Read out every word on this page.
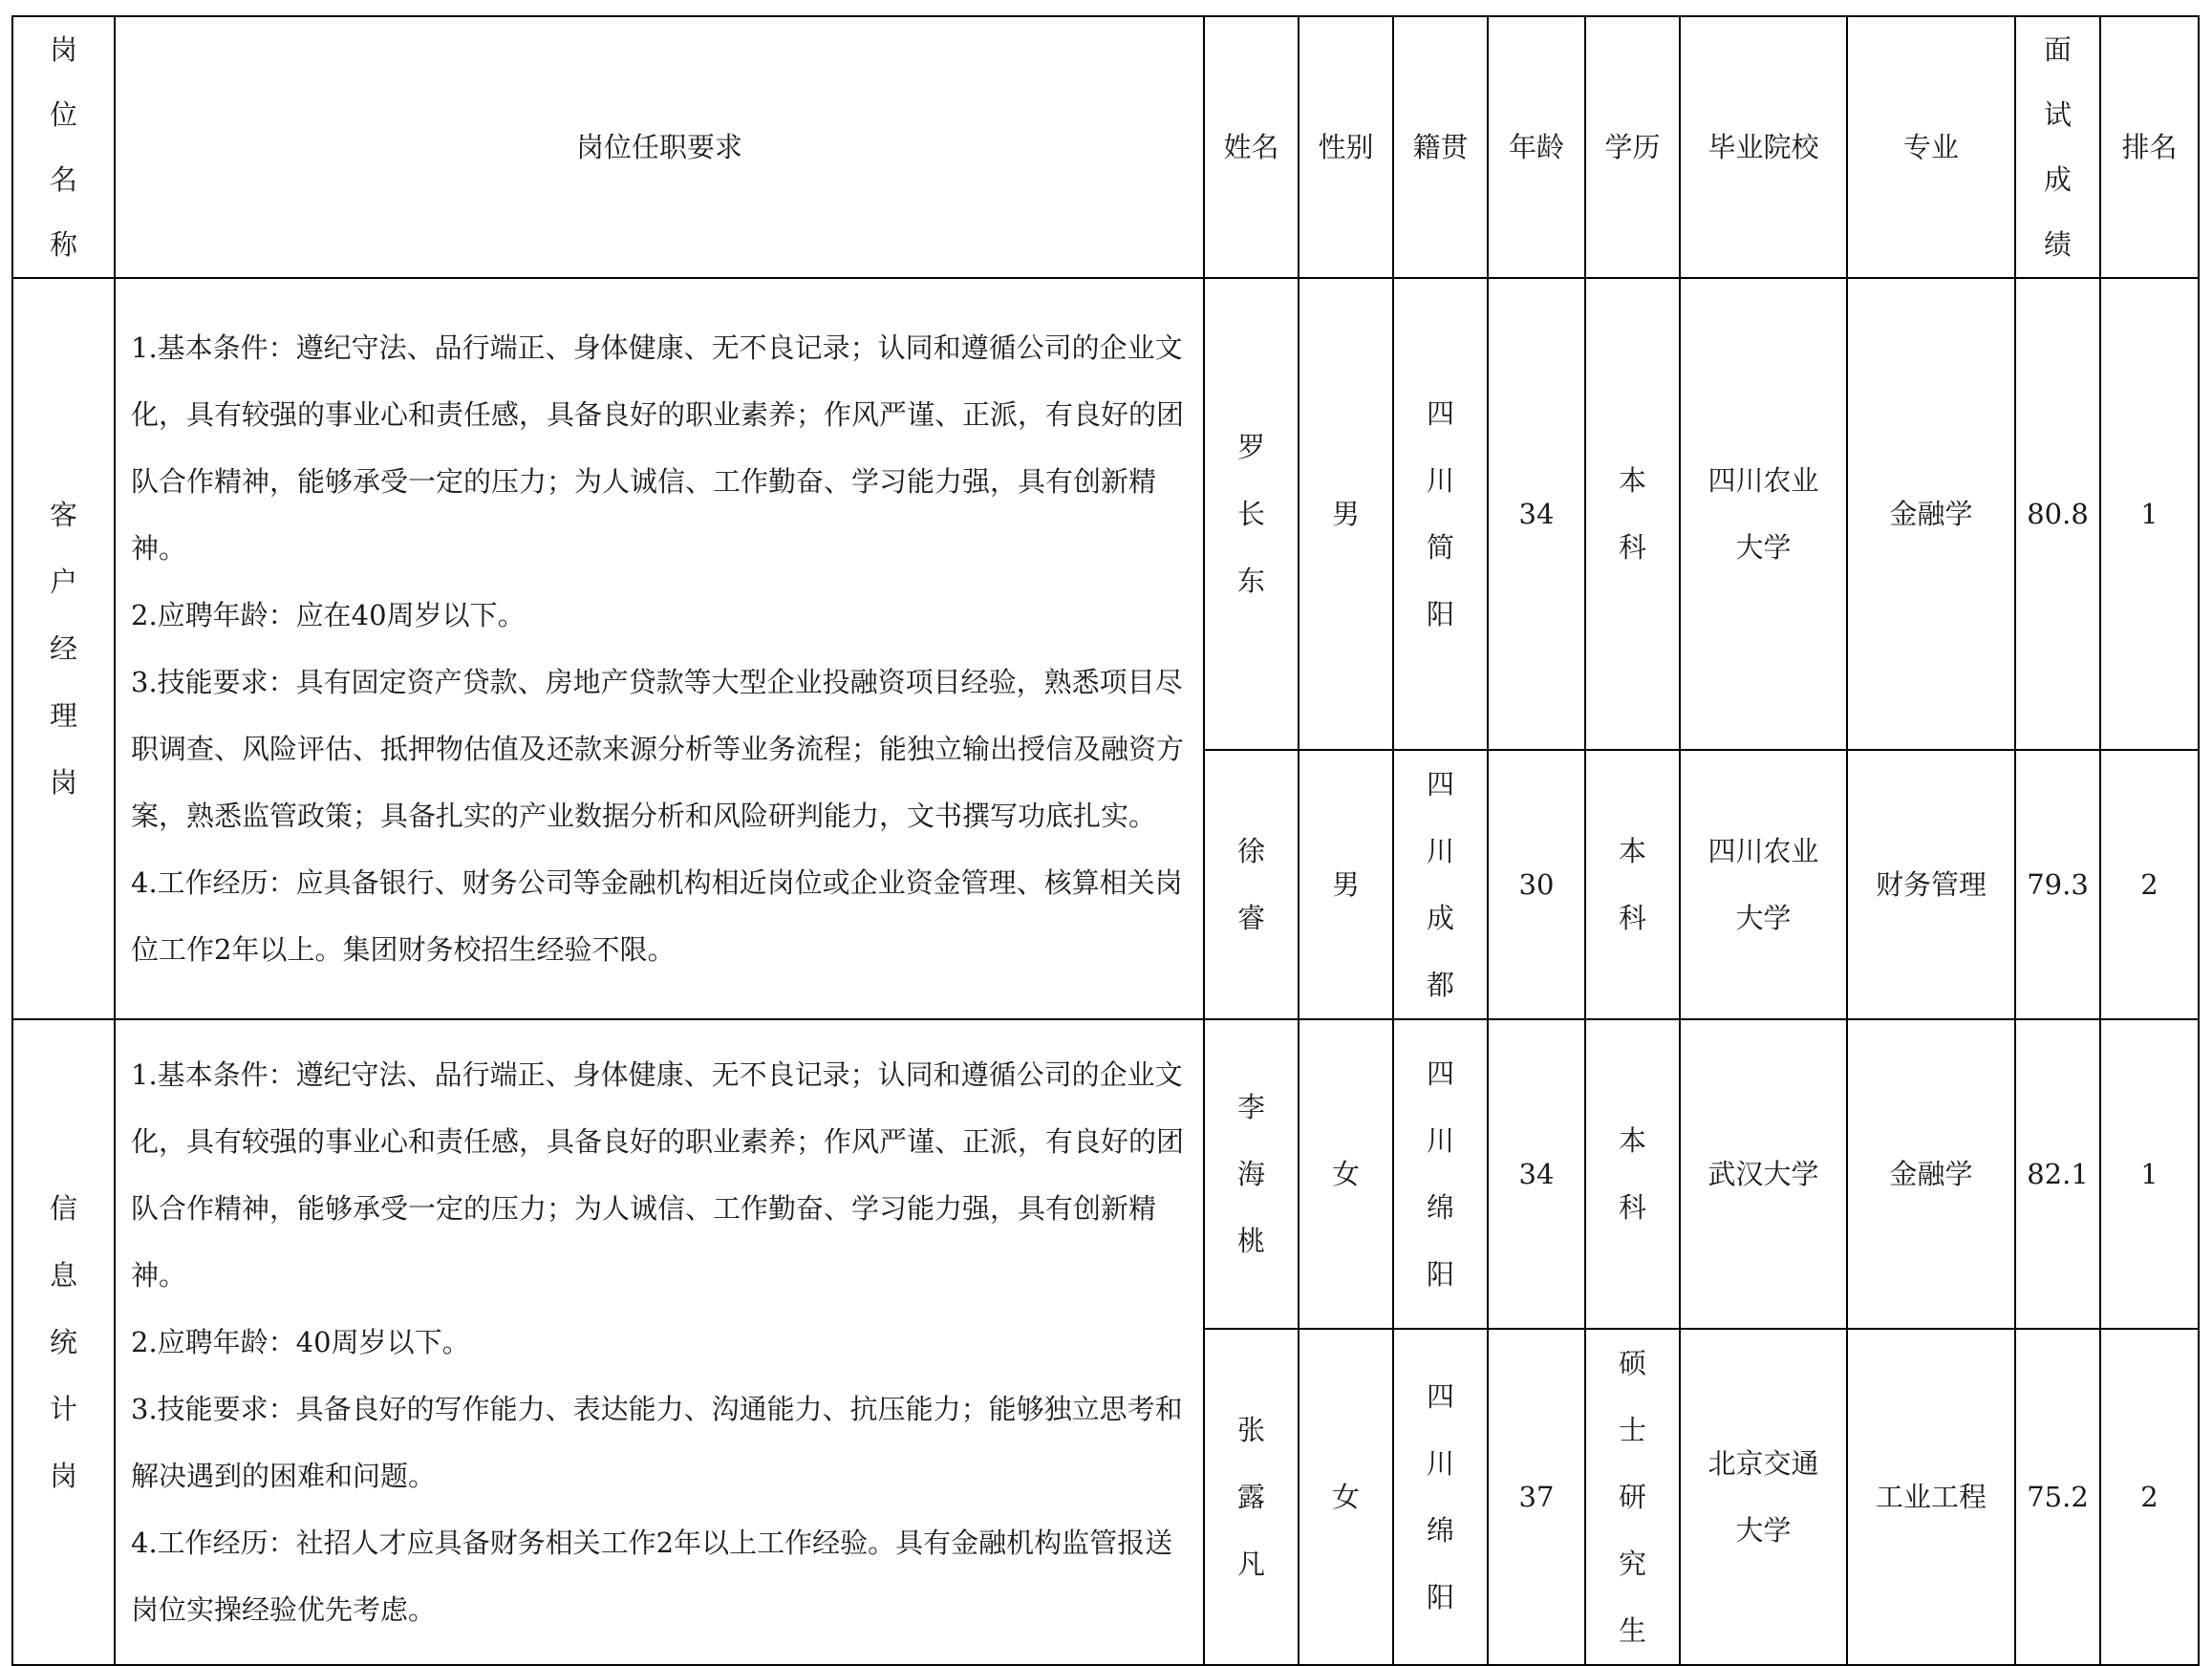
岗位名称	岗位任职要求	姓名	性别	籍贯	年龄	学历	毕业院校	专业	面试成绩	排名
客户经理岗	1.基本条件：遵纪守法、品行端正、身体健康、无不良记录；认同和遵循公司的企业文化，具有较强的事业心和责任感，具备良好的职业素养；作风严谨、正派，有良好的团队合作精神，能够承受一定的压力；为人诚信、工作勤奋、学习能力强，具有创新精神。

2.应聘年龄：应在40周岁以下。

3.技能要求：具有固定资产贷款、房地产贷款等大型企业投融资项目经验，熟悉项目尽职调查、风险评估、抵押物估值及还款来源分析等业务流程；能独立输出授信及融资方案，熟悉监管政策；具备扎实的产业数据分析和风险研判能力，文书撰写功底扎实。

4.工作经历：应具备银行、财务公司等金融机构相近岗位或企业资金管理、核算相关岗位工作2年以上。集团财务校招生经验不限。	罗长东	男	四川简阳	34	本科	四川农业大学	金融学	80.8	1
		徐睿	男	四川成都	30	本科	四川农业大学	财务管理	79.3	2
信息统计岗	1.基本条件：遵纪守法、品行端正、身体健康、无不良记录；认同和遵循公司的企业文化，具有较强的事业心和责任感，具备良好的职业素养；作风严谨、正派，有良好的团队合作精神，能够承受一定的压力；为人诚信、工作勤奋、学习能力强，具有创新精神。

2.应聘年龄：40周岁以下。

3.技能要求：具备良好的写作能力、表达能力、沟通能力、抗压能力；能够独立思考和解决遇到的困难和问题。

4.工作经历：社招人才应具备财务相关工作2年以上工作经验。具有金融机构监管报送岗位实操经验优先考虑。	李海桃	女	四川绵阳	34	本科	武汉大学	金融学	82.1	1
		张露凡	女	四川绵阳	37	硕士研究生	北京交通大学	工业工程	75.2	2
